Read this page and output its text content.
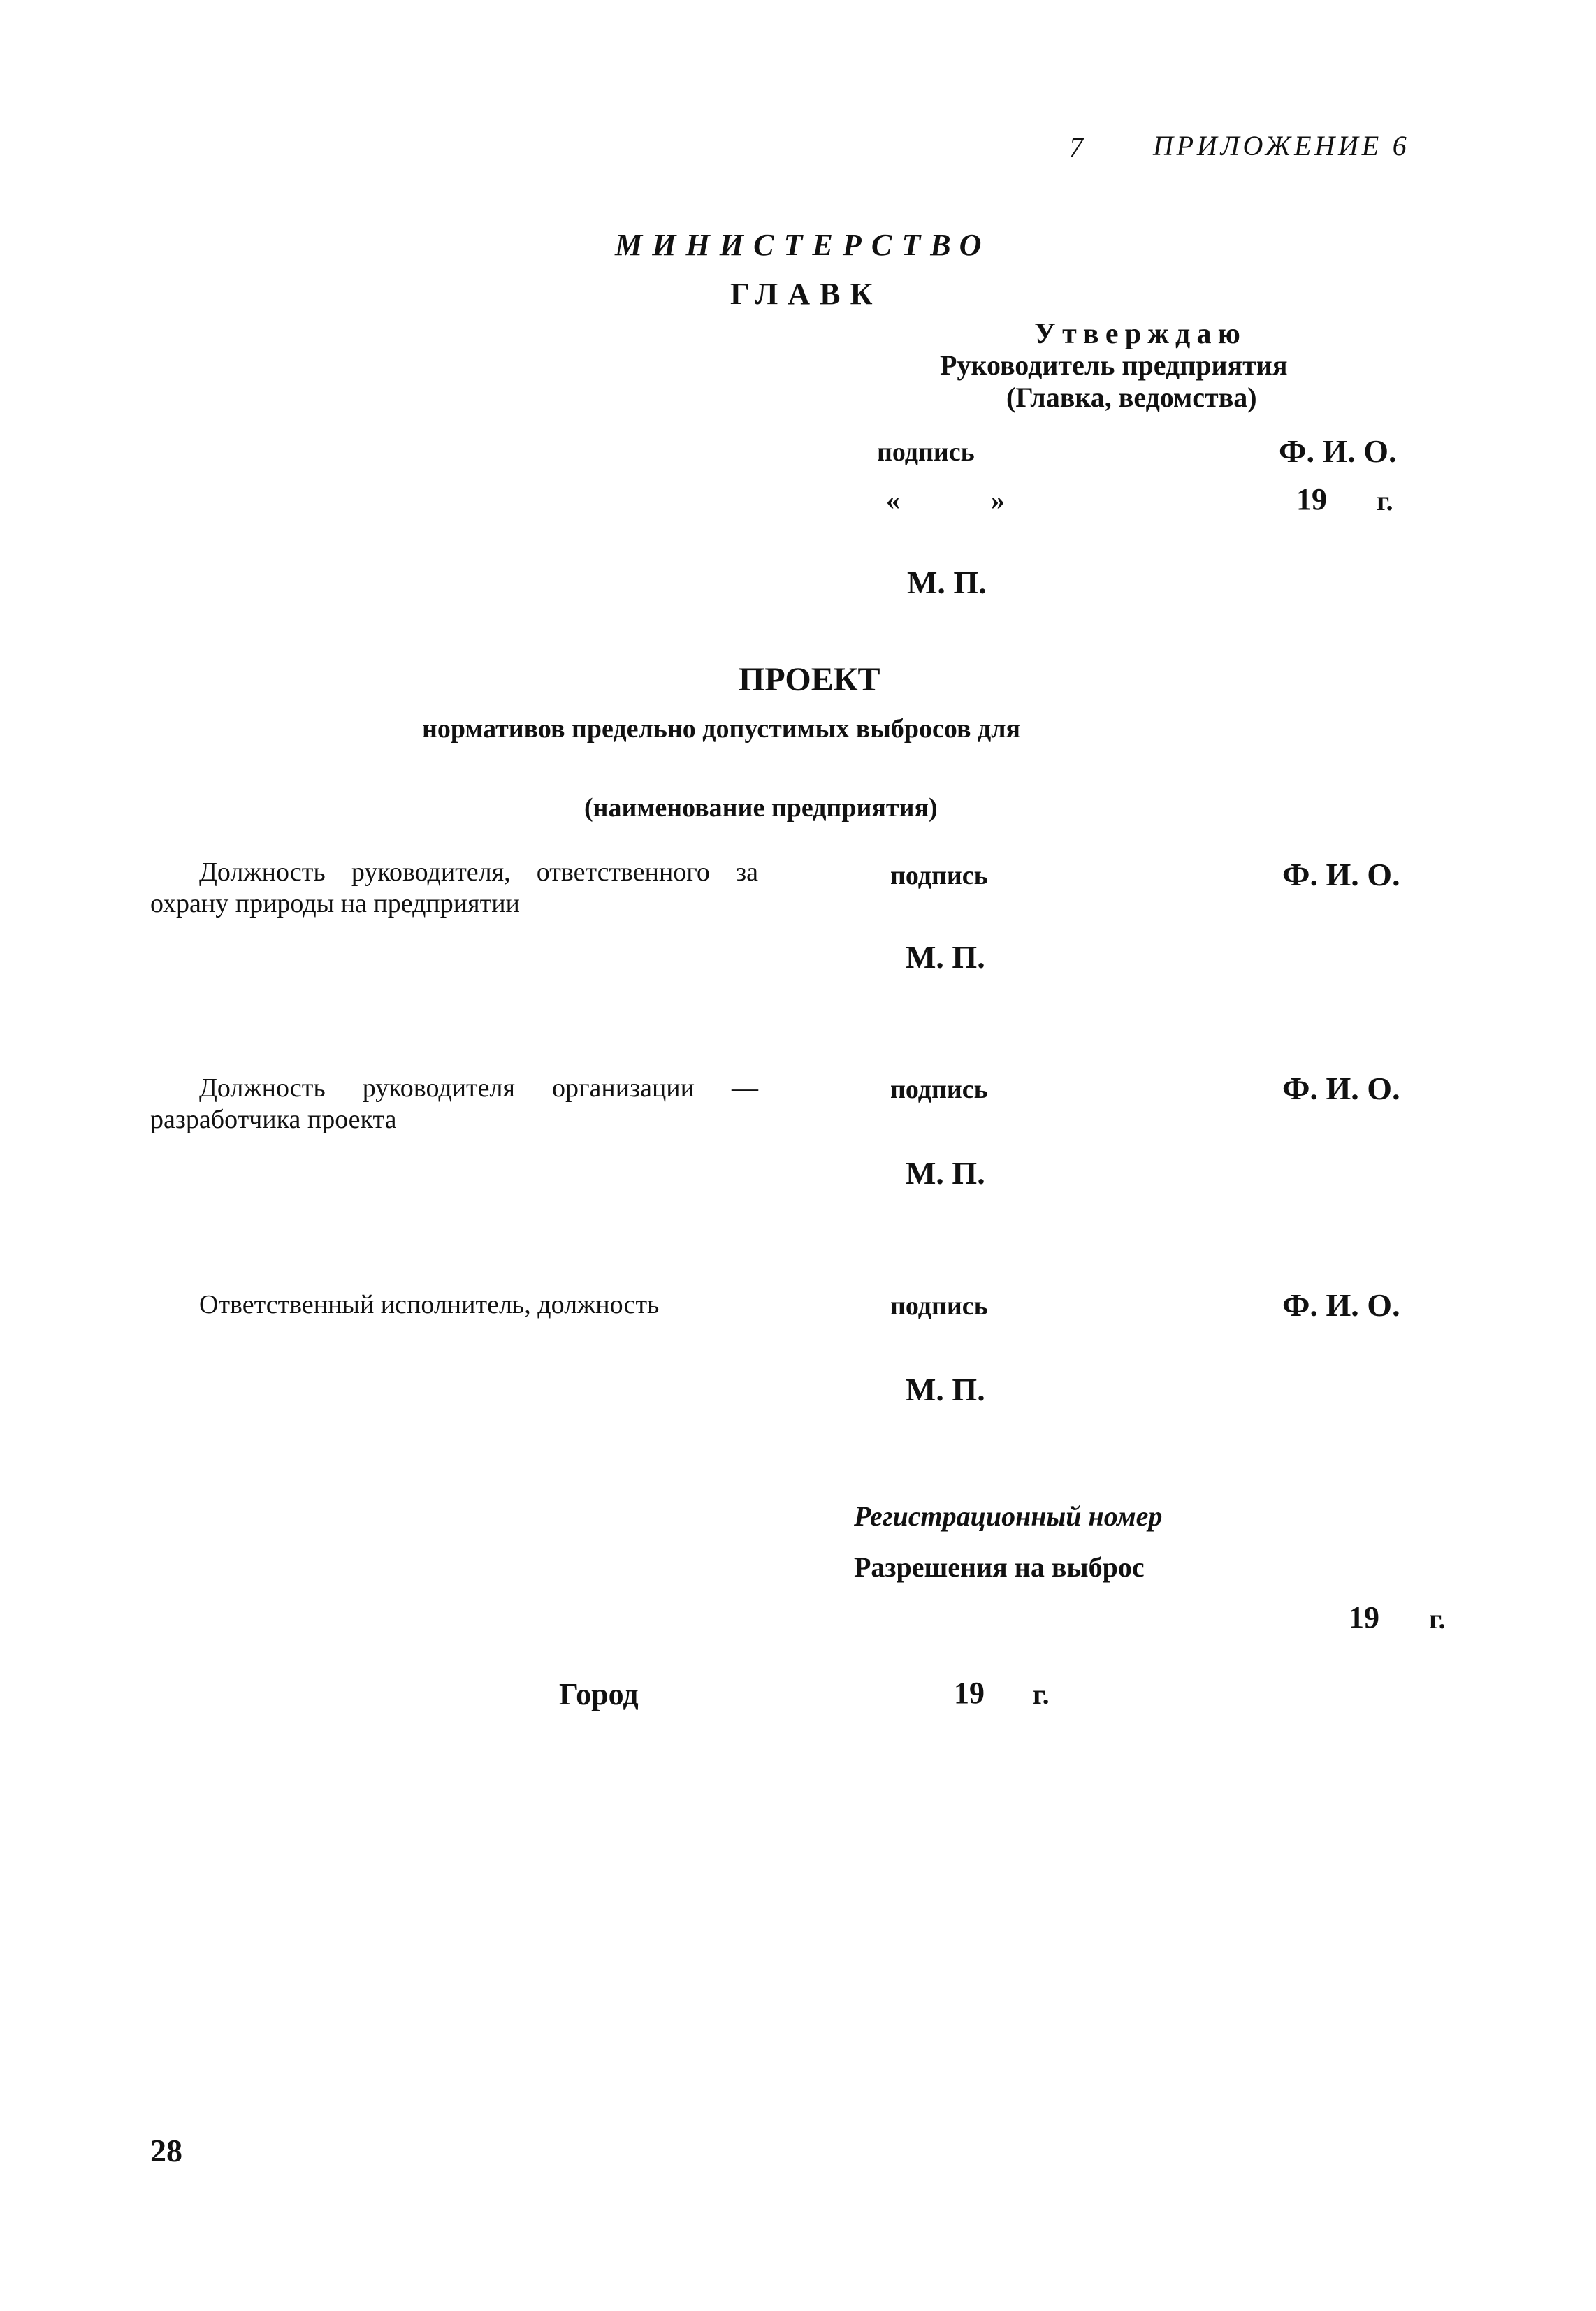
7	ПРИЛОЖЕНИЕ 6
МИНИСТЕРСТВО
ГЛАВК
Утверждаю
Руководитель предприятия
(Главка, ведомства)
подпись	Ф. И. О.
«	»	19 г.
М. П.
ПРОЕКТ
нормативов предельно допустимых выбросов для
(наименование предприятия)
Должность руководителя, ответственного за охрану природы на предприятии
подпись	Ф. И. О.
М. П.
Должность руководителя организации — разработчика проекта
подпись	Ф. И. О.
М. П.
Ответственный исполнитель, должность	подпись	Ф. И. О.
М. П.
Регистрационный номер
Разрешения на выброс
19 г.
Город	19 г.
28
